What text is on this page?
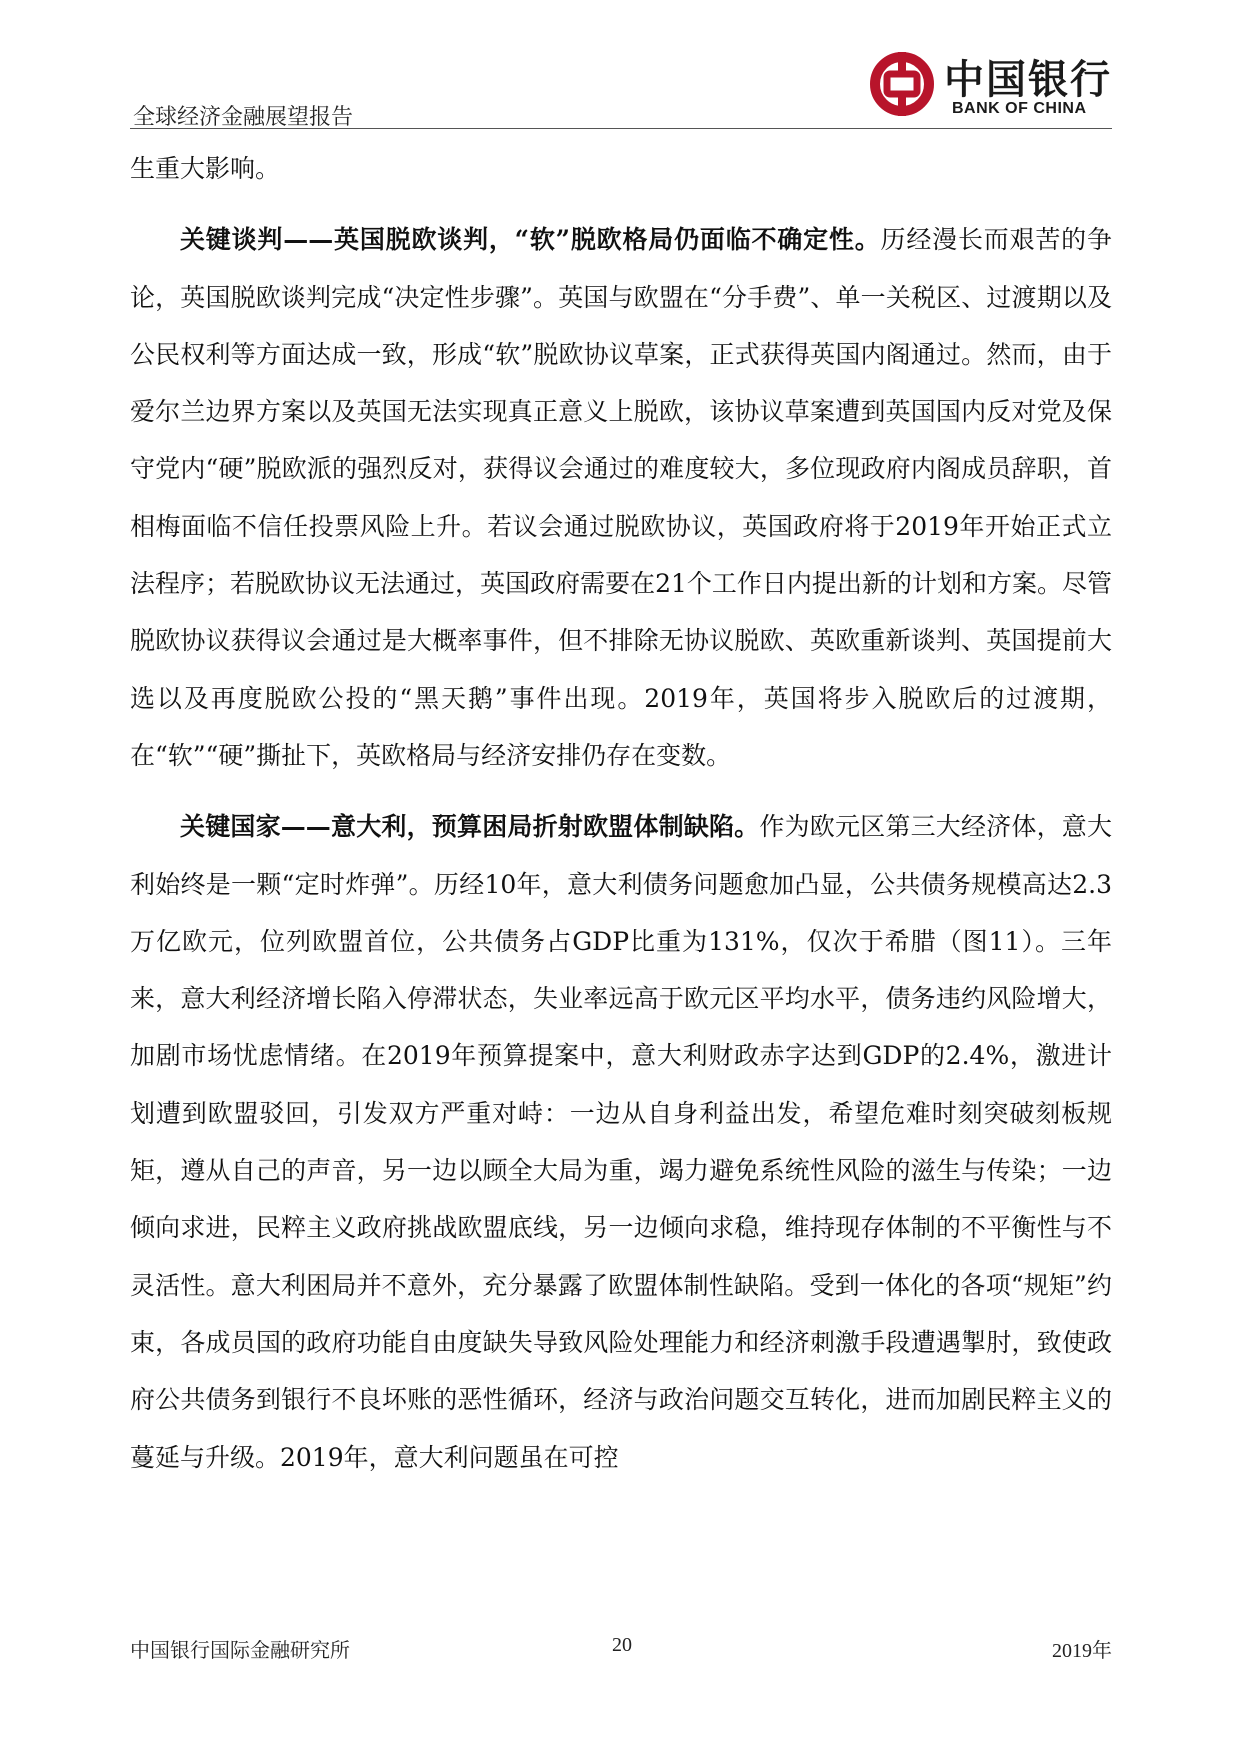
中国银行
BANK OF CHINA
全球经济金融展望报告

生重大影响。

关键谈判——英国脱欧谈判，“软”脱欧格局仍面临不确定性。历经漫长而艰苦的争论，英国脱欧谈判完成“决定性步骤”。英国与欧盟在“分手费”、单一关税区、过渡期以及公民权利等方面达成一致，形成“软”脱欧协议草案，正式获得英国内阁通过。然而，由于爱尔兰边界方案以及英国无法实现真正意义上脱欧，该协议草案遭到英国国内反对党及保守党内“硬”脱欧派的强烈反对，获得议会通过的难度较大，多位现政府内阁成员辞职，首相梅面临不信任投票风险上升。若议会通过脱欧协议，英国政府将于2019年开始正式立法程序；若脱欧协议无法通过，英国政府需要在21个工作日内提出新的计划和方案。尽管脱欧协议获得议会通过是大概率事件，但不排除无协议脱欧、英欧重新谈判、英国提前大选以及再度脱欧公投的“黑天鹅”事件出现。2019年，英国将步入脱欧后的过渡期，在“软”“硬”撕扯下，英欧格局与经济安排仍存在变数。

关键国家——意大利，预算困局折射欧盟体制缺陷。作为欧元区第三大经济体，意大利始终是一颗“定时炸弹”。历经10年，意大利债务问题愈加凸显，公共债务规模高达2.3万亿欧元，位列欧盟首位，公共债务占GDP比重为131%，仅次于希腊（图11）。三年来，意大利经济增长陷入停滞状态，失业率远高于欧元区平均水平，债务违约风险增大，加剧市场忧虑情绪。在2019年预算提案中，意大利财政赤字达到GDP的2.4%，激进计划遭到欧盟驳回，引发双方严重对峙：一边从自身利益出发，希望危难时刻突破刻板规矩，遵从自己的声音，另一边以顾全大局为重，竭力避免系统性风险的滋生与传染；一边倾向求进，民粹主义政府挑战欧盟底线，另一边倾向求稳，维持现存体制的不平衡性与不灵活性。意大利困局并不意外，充分暴露了欧盟体制性缺陷。受到一体化的各项“规矩”约束，各成员国的政府功能自由度缺失导致风险处理能力和经济刺激手段遭遇掣肘，致使政府公共债务到银行不良坏账的恶性循环，经济与政治问题交互转化，进而加剧民粹主义的蔓延与升级。2019年，意大利问题虽在可控

中国银行国际金融研究所	20	2019年
